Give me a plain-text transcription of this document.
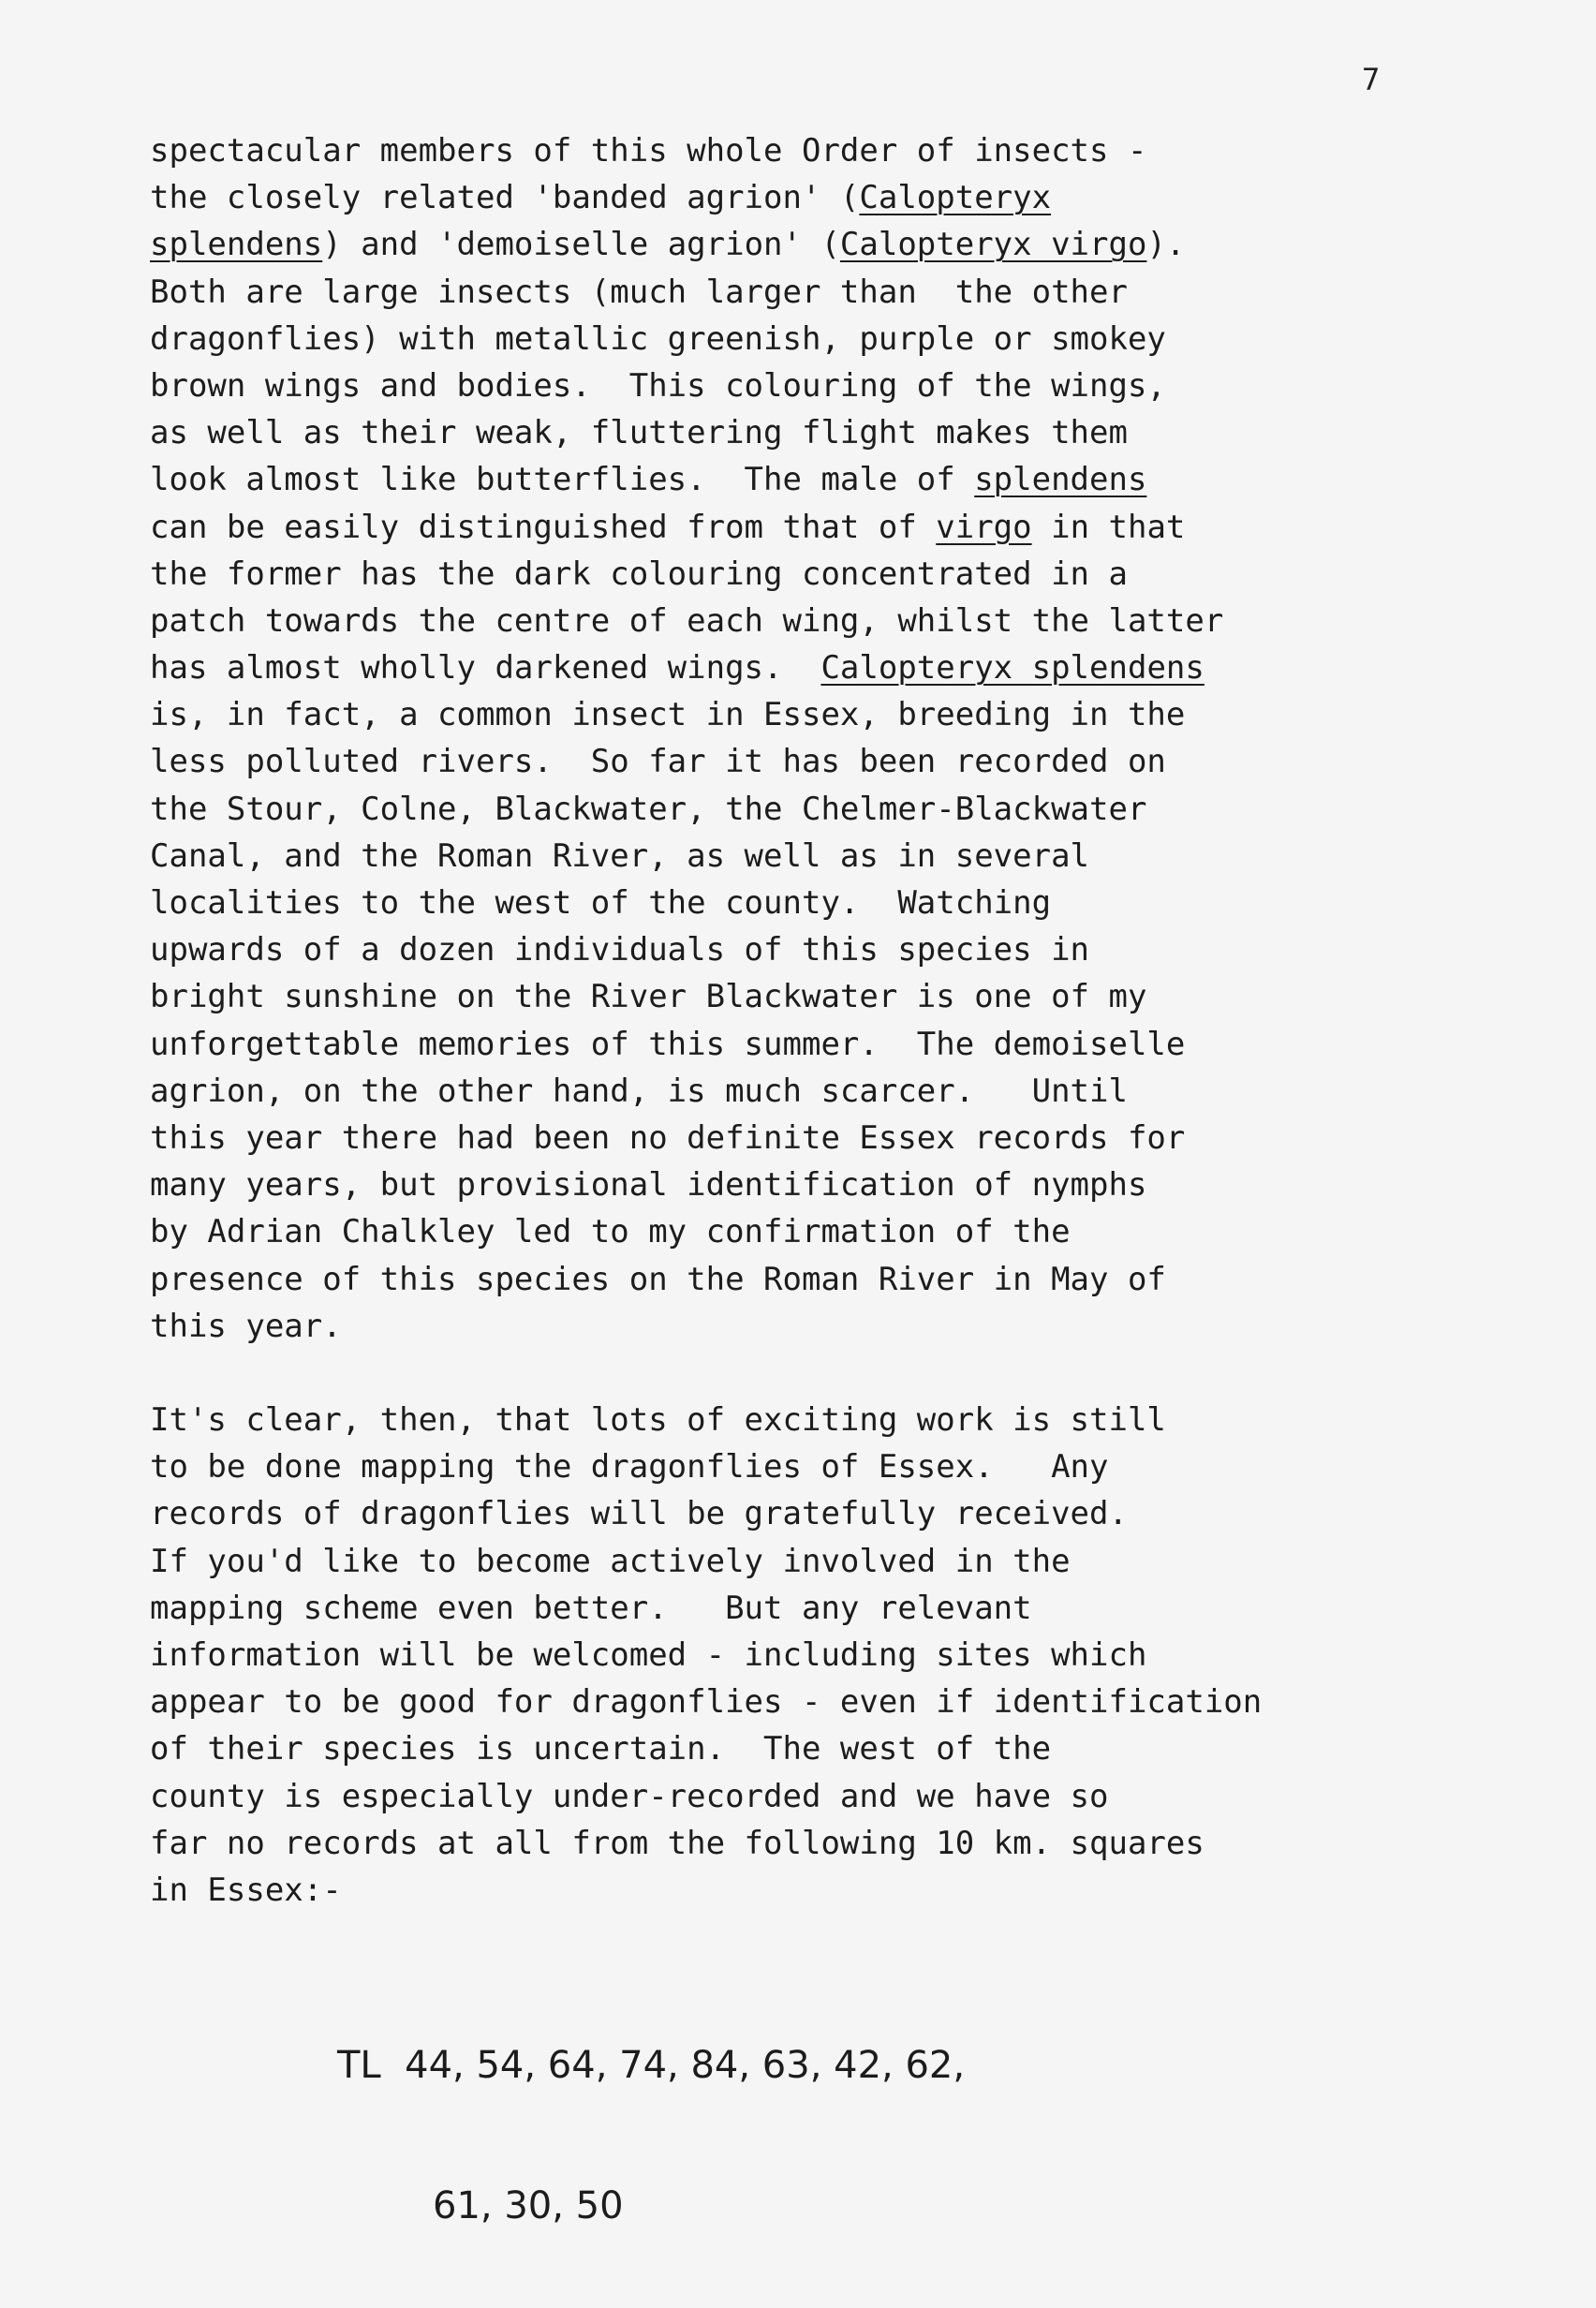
7
spectacular members of this whole Order of insects -
the closely related 'banded agrion' (Calopteryx
splendens) and 'demoiselle agrion' (Calopteryx virgo).
Both are large insects (much larger than  the other
dragonflies) with metallic greenish, purple or smokey
brown wings and bodies.  This colouring of the wings,
as well as their weak, fluttering flight makes them
look almost like butterflies.  The male of splendens
can be easily distinguished from that of virgo in that
the former has the dark colouring concentrated in a
patch towards the centre of each wing, whilst the latter
has almost wholly darkened wings.  Calopteryx splendens
is, in fact, a common insect in Essex, breeding in the
less polluted rivers.  So far it has been recorded on
the Stour, Colne, Blackwater, the Chelmer-Blackwater
Canal, and the Roman River, as well as in several
localities to the west of the county.  Watching
upwards of a dozen individuals of this species in
bright sunshine on the River Blackwater is one of my
unforgettable memories of this summer.  The demoiselle
agrion, on the other hand, is much scarcer.   Until
this year there had been no definite Essex records for
many years, but provisional identification of nymphs
by Adrian Chalkley led to my confirmation of the
presence of this species on the Roman River in May of
this year.
It's clear, then, that lots of exciting work is still
to be done mapping the dragonflies of Essex.   Any
records of dragonflies will be gratefully received.
If you'd like to become actively involved in the
mapping scheme even better.   But any relevant
information will be welcomed - including sites which
appear to be good for dragonflies - even if identification
of their species is uncertain.  The west of the
county is especially under-recorded and we have so
far no records at all from the following 10 km. squares
in Essex:-

TL  44, 54, 64, 74, 84, 63, 42, 62,

61, 30, 50
